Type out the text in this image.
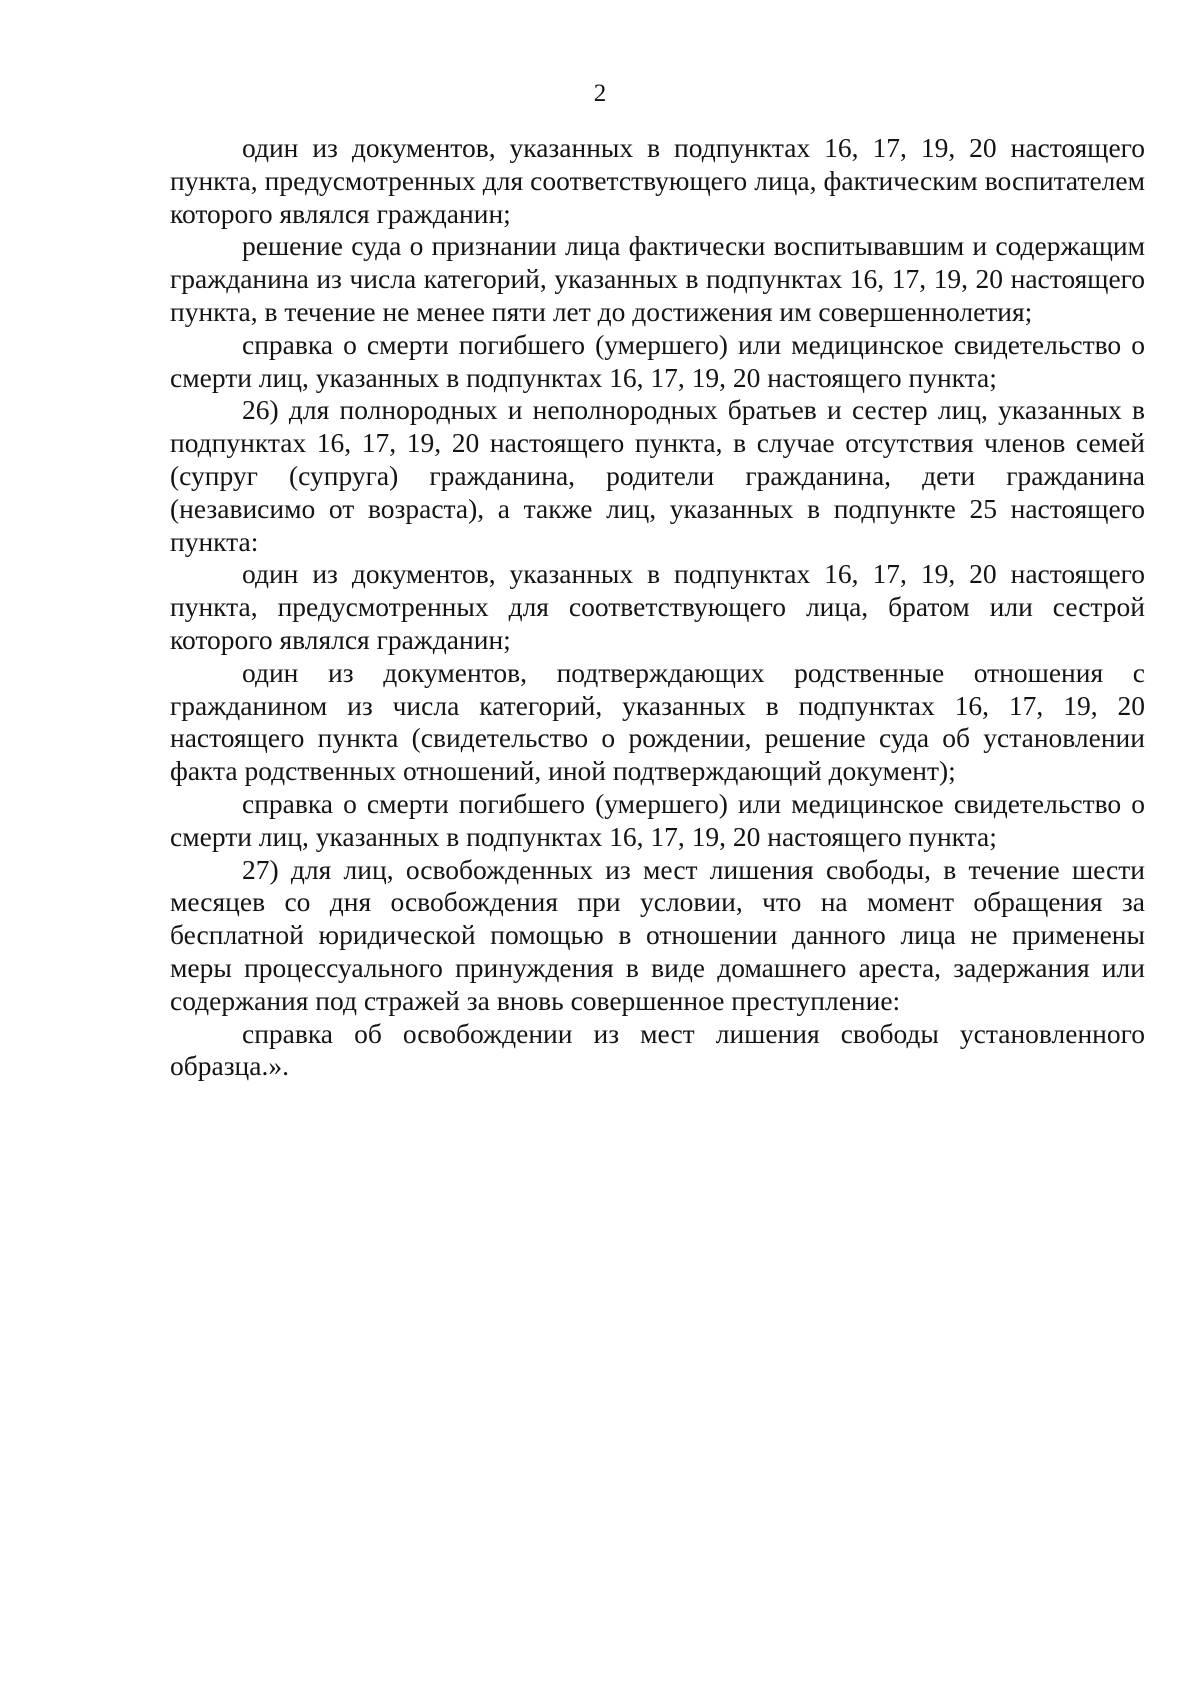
2

один из документов, указанных в подпунктах 16, 17, 19, 20 настоящего пункта, предусмотренных для соответствующего лица, фактическим воспитателем которого являлся гражданин;

решение суда о признании лица фактически воспитывавшим и содержащим гражданина из числа категорий, указанных в подпунктах 16, 17, 19, 20 настоящего пункта, в течение не менее пяти лет до достижения им совершеннолетия;

справка о смерти погибшего (умершего) или медицинское свидетельство о смерти лиц, указанных в подпунктах 16, 17, 19, 20 настоящего пункта;

26) для полнородных и неполнородных братьев и сестер лиц, указанных в подпунктах 16, 17, 19, 20 настоящего пункта, в случае отсутствия членов семей (супруг (супруга) гражданина, родители гражданина, дети гражданина (независимо от возраста), а также лиц, указанных в подпункте 25 настоящего пункта:

один из документов, указанных в подпунктах 16, 17, 19, 20 настоящего пункта, предусмотренных для соответствующего лица, братом или сестрой которого являлся гражданин;

один из документов, подтверждающих родственные отношения с гражданином из числа категорий, указанных в подпунктах 16, 17, 19, 20 настоящего пункта (свидетельство о рождении, решение суда об установлении факта родственных отношений, иной подтверждающий документ);

справка о смерти погибшего (умершего) или медицинское свидетельство о смерти лиц, указанных в подпунктах 16, 17, 19, 20 настоящего пункта;

27) для лиц, освобожденных из мест лишения свободы, в течение шести месяцев со дня освобождения при условии, что на момент обращения за бесплатной юридической помощью в отношении данного лица не применены меры процессуального принуждения в виде домашнего ареста, задержания или содержания под стражей за вновь совершенное преступление:

справка об освобождении из мест лишения свободы установленного образца.».
